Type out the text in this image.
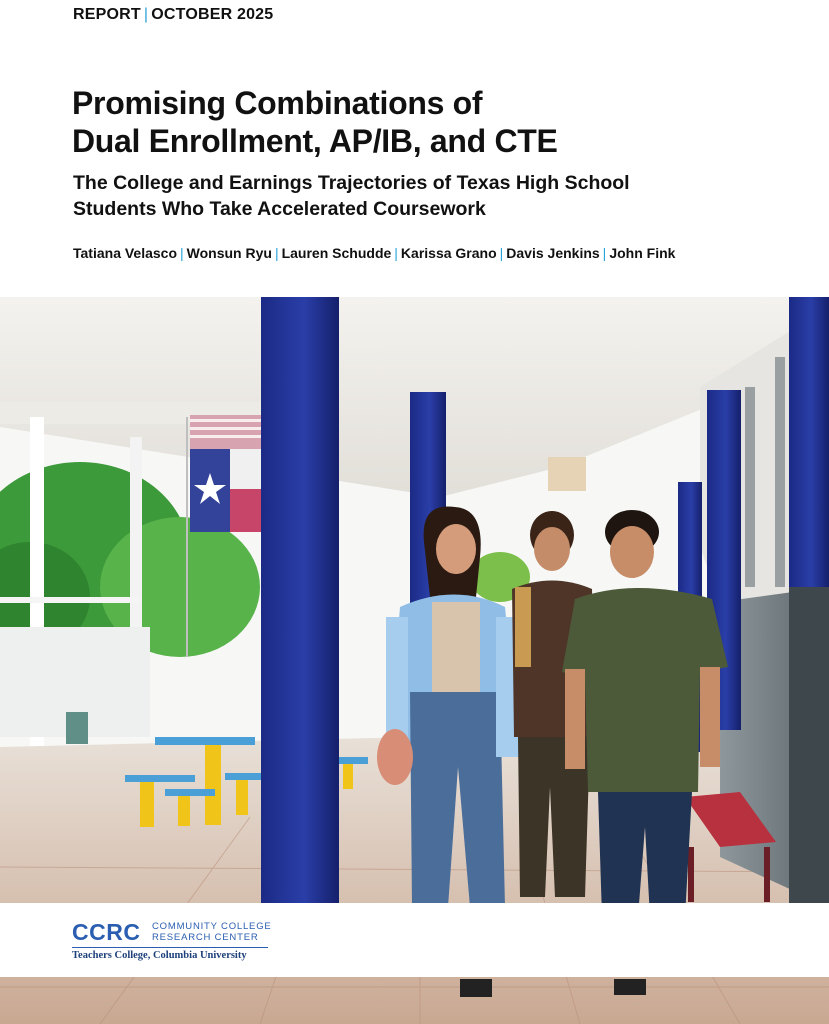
REPORT | OCTOBER 2025
Promising Combinations of
Dual Enrollment, AP/IB, and CTE
The College and Earnings Trajectories of Texas High School
Students Who Take Accelerated Coursework
Tatiana Velasco | Wonsun Ryu | Lauren Schudde | Karissa Grano | Davis Jenkins | John Fink
CCRC COMMUNITY COLLEGE
RESEARCH CENTER
Teachers College, Columbia University
